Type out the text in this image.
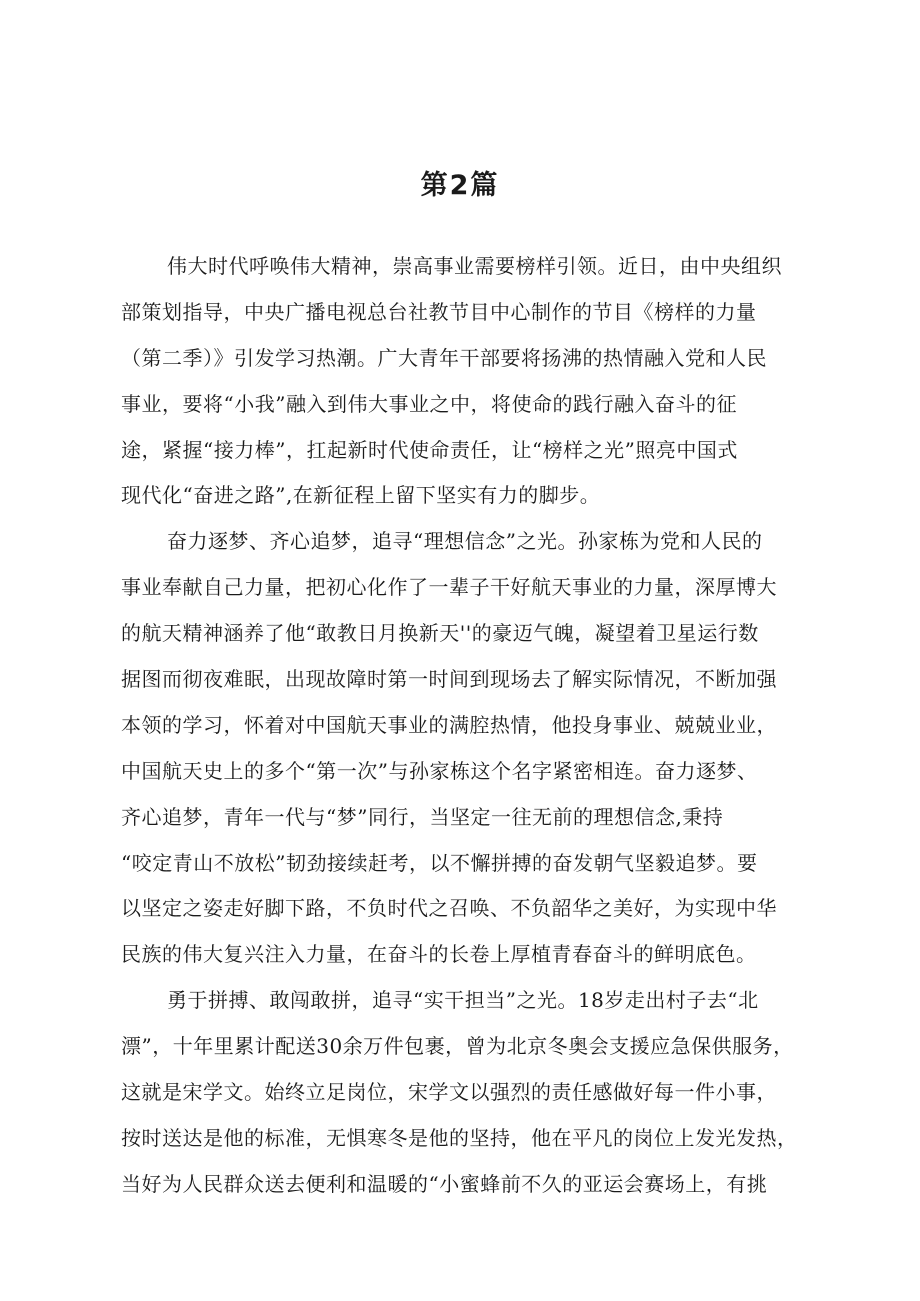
第2篇
伟大时代呼唤伟大精神，崇高事业需要榜样引领。近日，由中央组织
部策划指导，中央广播电视总台社教节目中心制作的节目《榜样的力量
（第二季）》引发学习热潮。广大青年干部要将扬沸的热情融入党和人民
事业，要将“小我”融入到伟大事业之中，将使命的践行融入奋斗的征
途，紧握“接力棒”，扛起新时代使命责任，让“榜样之光”照亮中国式
现代化“奋进之路”,在新征程上留下坚实有力的脚步。
奋力逐梦、齐心追梦，追寻“理想信念”之光。孙家栋为党和人民的
事业奉献自己力量，把初心化作了一辈子干好航天事业的力量，深厚博大
的航天精神涵养了他“敢教日月换新天''的豪迈气魄，凝望着卫星运行数
据图而彻夜难眠，出现故障时第一时间到现场去了解实际情况，不断加强
本领的学习，怀着对中国航天事业的满腔热情，他投身事业、兢兢业业，
中国航天史上的多个“第一次”与孙家栋这个名字紧密相连。奋力逐梦、
齐心追梦，青年一代与“梦”同行，当坚定一往无前的理想信念,秉持
“咬定青山不放松”韧劲接续赶考，以不懈拼搏的奋发朝气坚毅追梦。要
以坚定之姿走好脚下路，不负时代之召唤、不负韶华之美好，为实现中华
民族的伟大复兴注入力量，在奋斗的长卷上厚植青春奋斗的鲜明底色。
勇于拼搏、敢闯敢拼，追寻“实干担当”之光。18岁走出村子去“北
漂”，十年里累计配送30余万件包裹，曾为北京冬奥会支援应急保供服务，
这就是宋学文。始终立足岗位，宋学文以强烈的责任感做好每一件小事，
按时送达是他的标准，无惧寒冬是他的坚持，他在平凡的岗位上发光发热，
当好为人民群众送去便利和温暖的“小蜜蜂前不久的亚运会赛场上，有挑
